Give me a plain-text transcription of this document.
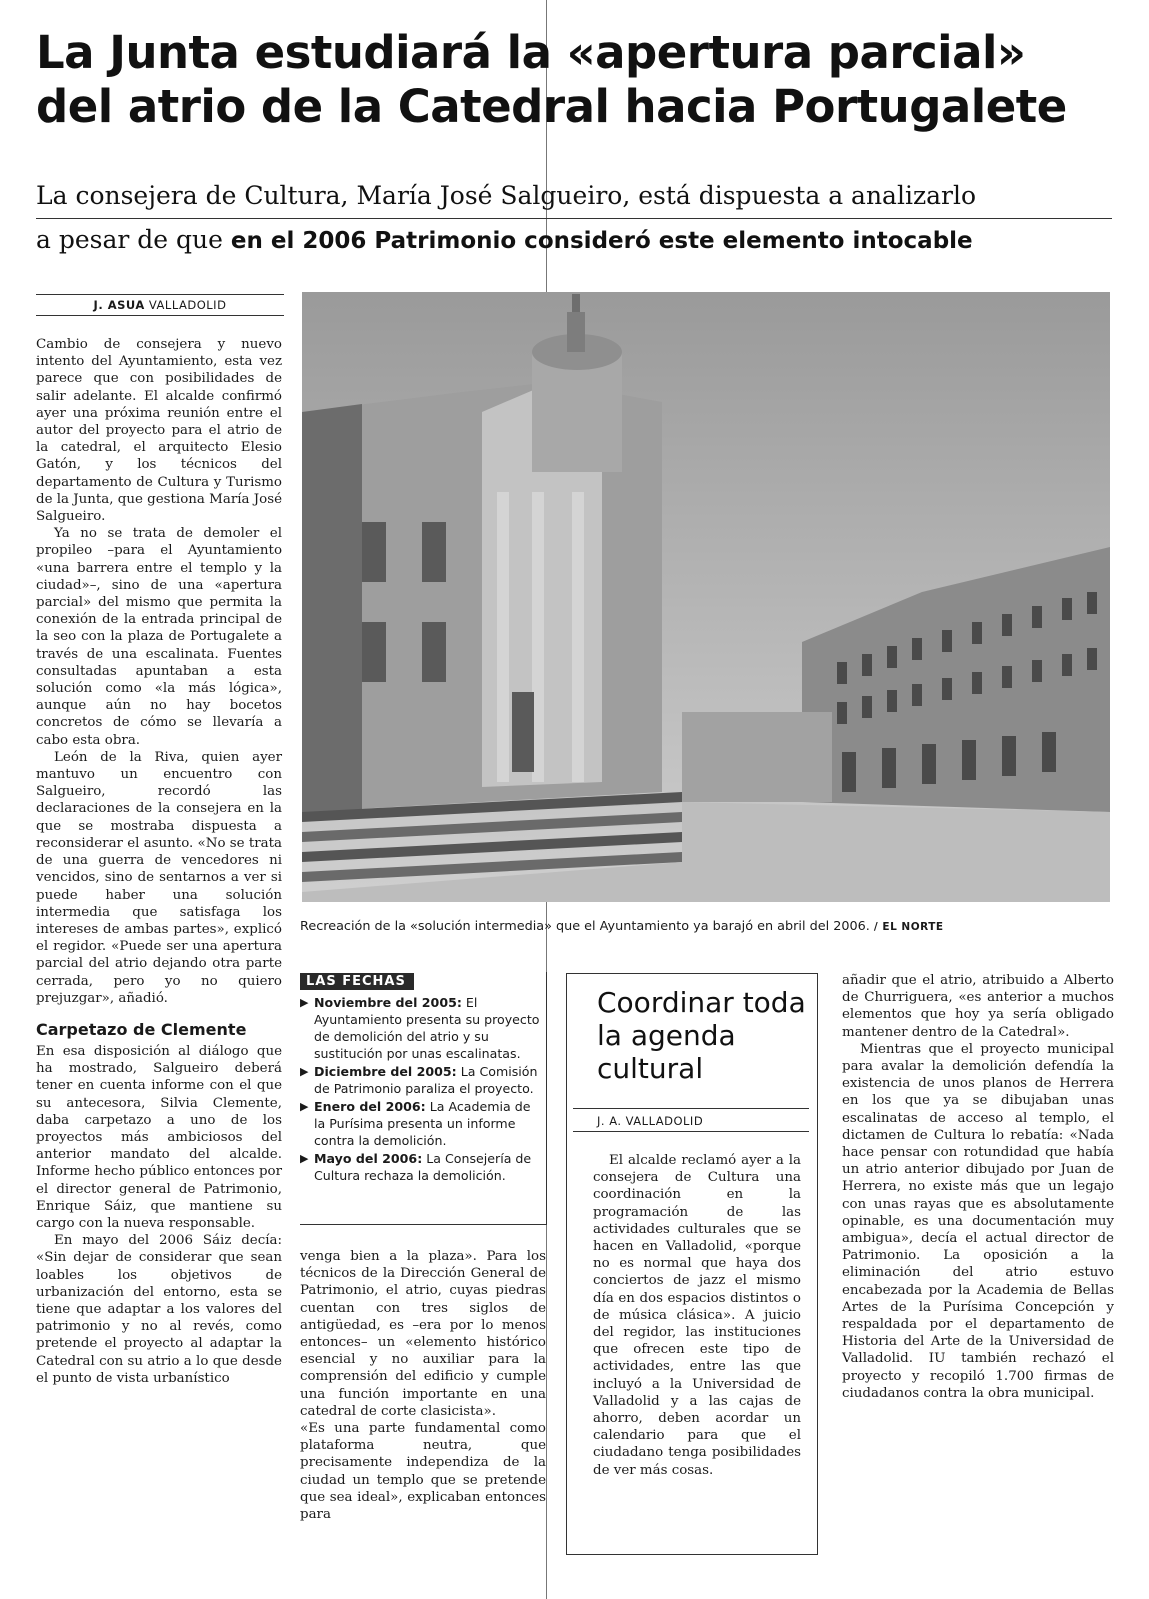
La Junta estudiará la «apertura parcial»
del atrio de la Catedral hacia Portugalete
La consejera de Cultura, María José Salgueiro, está dispuesta a analizarlo
a pesar de que en el 2006 Patrimonio consideró este elemento intocable
J. ASUA VALLADOLID

Cambio de consejera y nuevo intento del Ayuntamiento, esta vez parece que con posibilidades de salir adelante. El alcalde confirmó ayer una próxima reunión entre el autor del proyecto para el atrio de la catedral, el arquitecto Elesio Gatón, y los técnicos del departamento de Cultura y Turismo de la Junta, que gestiona María José Salgueiro.

Ya no se trata de demoler el propileo –para el Ayuntamiento «una barrera entre el templo y la ciudad»–, sino de una «apertura parcial» del mismo que permita la conexión de la entrada principal de la seo con la plaza de Portugalete a través de una escalinata. Fuentes consultadas apuntaban a esta solución como «la más lógica», aunque aún no hay bocetos concretos de cómo se llevaría a cabo esta obra.

León de la Riva, quien ayer mantuvo un encuentro con Salgueiro, recordó las declaraciones de la consejera en la que se mostraba dispuesta a reconsiderar el asunto. «No se trata de una guerra de vencedores ni vencidos, sino de sentarnos a ver si puede haber una solución intermedia que satisfaga los intereses de ambas partes», explicó el regidor. «Puede ser una apertura parcial del atrio dejando otra parte cerrada, pero yo no quiero prejuzgar», añadió.

Carpetazo de Clemente

En esa disposición al diálogo que ha mostrado, Salgueiro deberá tener en cuenta informe con el que su antecesora, Silvia Clemente, daba carpetazo a uno de los proyectos más ambiciosos del anterior mandato del alcalde. Informe hecho público entonces por el director general de Patrimonio, Enrique Sáiz, que mantiene su cargo con la nueva responsable.

En mayo del 2006 Sáiz decía: «Sin dejar de considerar que sean loables los objetivos de urbanización del entorno, esta se tiene que adaptar a los valores del patrimonio y no al revés, como pretende el proyecto al adaptar la Catedral con su atrio a lo que desde el punto de vista urbanístico

Recreación de la «solución intermedia» que el Ayuntamiento ya barajó en abril del 2006. / EL NORTE
LAS FECHAS
▶ Noviembre del 2005: El Ayuntamiento presenta su proyecto de demolición del atrio y su sustitución por unas escalinatas.
▶ Diciembre del 2005: La Comisión de Patrimonio paraliza el proyecto.
▶ Enero del 2006: La Academia de la Purísima presenta un informe contra la demolición.
▶ Mayo del 2006: La Consejería de Cultura rechaza la demolición.

venga bien a la plaza». Para los técnicos de la Dirección General de Patrimonio, el atrio, cuyas piedras cuentan con tres siglos de antigüedad, es –era por lo menos entonces– un «elemento histórico esencial y no auxiliar para la comprensión del edificio y cumple una función importante en una catedral de corte clasicista».

«Es una parte fundamental como plataforma neutra, que precisamente independiza de la ciudad un templo que se pretende que sea ideal», explicaban entonces para

Coordinar toda la agenda cultural
J. A. VALLADOLID

El alcalde reclamó ayer a la consejera de Cultura una coordinación en la programación de las actividades culturales que se hacen en Valladolid, «porque no es normal que haya dos conciertos de jazz el mismo día en dos espacios distintos o de música clásica». A juicio del regidor, las instituciones que ofrecen este tipo de actividades, entre las que incluyó a la Universidad de Valladolid y a las cajas de ahorro, deben acordar un calendario para que el ciudadano tenga posibilidades de ver más cosas.

añadir que el atrio, atribuido a Alberto de Churriguera, «es anterior a muchos elementos que hoy ya sería obligado mantener dentro de la Catedral».

Mientras que el proyecto municipal para avalar la demolición defendía la existencia de unos planos de Herrera en los que ya se dibujaban unas escalinatas de acceso al templo, el dictamen de Cultura lo rebatía: «Nada hace pensar con rotundidad que había un atrio anterior dibujado por Juan de Herrera, no existe más que un legajo con unas rayas que es absolutamente opinable, es una documentación muy ambigua», decía el actual director de Patrimonio. La oposición a la eliminación del atrio estuvo encabezada por la Academia de Bellas Artes de la Purísima Concepción y respaldada por el departamento de Historia del Arte de la Universidad de Valladolid. IU también rechazó el proyecto y recopiló 1.700 firmas de ciudadanos contra la obra municipal.
